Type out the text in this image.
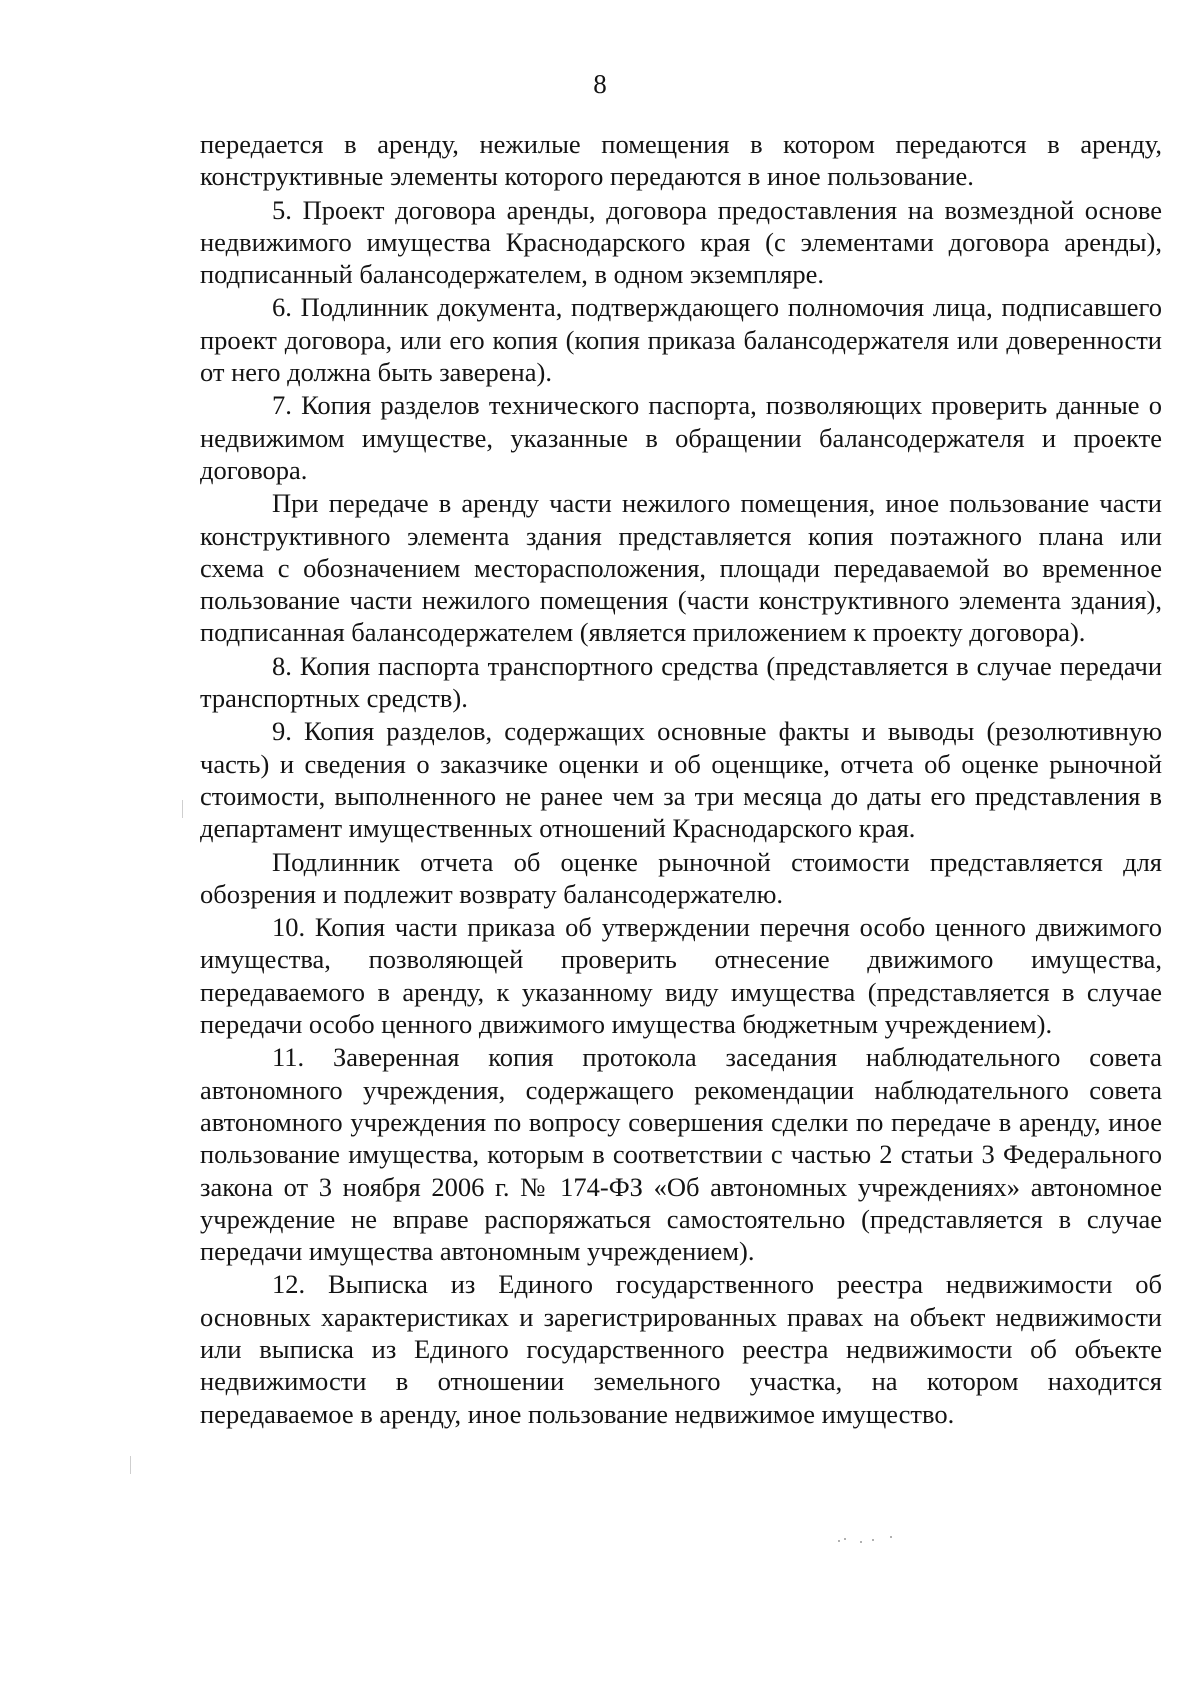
8

передается в аренду, нежилые помещения в котором передаются в аренду, конструктивные элементы которого передаются в иное пользование.

5. Проект договора аренды, договора предоставления на возмездной основе недвижимого имущества Краснодарского края (с элементами договора аренды), подписанный балансодержателем, в одном экземпляре.

6. Подлинник документа, подтверждающего полномочия лица, подписавшего проект договора, или его копия (копия приказа балансодержателя или доверенности от него должна быть заверена).

7. Копия разделов технического паспорта, позволяющих проверить данные о недвижимом имуществе, указанные в обращении балансодержателя и проекте договора.

При передаче в аренду части нежилого помещения, иное пользование части конструктивного элемента здания представляется копия поэтажного плана или схема с обозначением месторасположения, площади передаваемой во временное пользование части нежилого помещения (части конструктивного элемента здания), подписанная балансодержателем (является приложением к проекту договора).

8. Копия паспорта транспортного средства (представляется в случае передачи транспортных средств).

9. Копия разделов, содержащих основные факты и выводы (резолютивную часть) и сведения о заказчике оценки и об оценщике, отчета об оценке рыночной стоимости, выполненного не ранее чем за три месяца до даты его представления в департамент имущественных отношений Краснодарского края.

Подлинник отчета об оценке рыночной стоимости представляется для обозрения и подлежит возврату балансодержателю.

10. Копия части приказа об утверждении перечня особо ценного движимого имущества, позволяющей проверить отнесение движимого имущества, передаваемого в аренду, к указанному виду имущества (представляется в случае передачи особо ценного движимого имущества бюджетным учреждением).

11. Заверенная копия протокола заседания наблюдательного совета автономного учреждения, содержащего рекомендации наблюдательного совета автономного учреждения по вопросу совершения сделки по передаче в аренду, иное пользование имущества, которым в соответствии с частью 2 статьи 3 Федерального закона от 3 ноября 2006 г. № 174-ФЗ «Об автономных учреждениях» автономное учреждение не вправе распоряжаться самостоятельно (представляется в случае передачи имущества автономным учреждением).

12. Выписка из Единого государственного реестра недвижимости об основных характеристиках и зарегистрированных правах на объект недвижимости или выписка из Единого государственного реестра недвижимости об объекте недвижимости в отношении земельного участка, на котором находится передаваемое в аренду, иное пользование недвижимое имущество.
